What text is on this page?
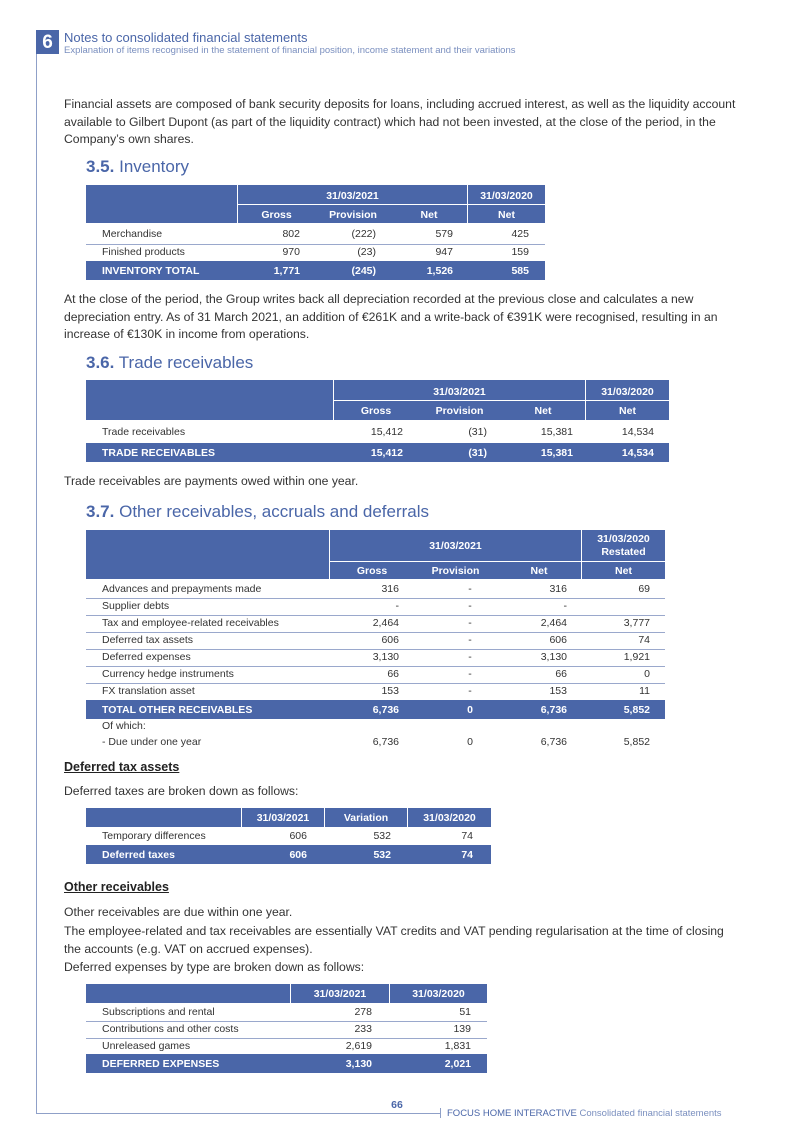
6 Notes to consolidated financial statements
Explanation of items recognised in the statement of financial position, income statement and their variations
Financial assets are composed of bank security deposits for loans, including accrued interest, as well as the liquidity account available to Gilbert Dupont (as part of the liquidity contract) which had not been invested, at the close of the period, in the Company’s own shares.
3.5. Inventory
31/03/2021	31/03/2020
Gross	Provision	Net	Net
Merchandise	802	(222)	579	425
Finished products	970	(23)	947	159
INVENTORY TOTAL	1,771	(245)	1,526	585
At the close of the period, the Group writes back all depreciation recorded at the previous close and calculates a new depreciation entry. As of 31 March 2021, an addition of €261K and a write-back of €391K were recognised, resulting in an increase of €130K in income from operations.
3.6. Trade receivables
31/03/2021	31/03/2020
Gross	Provision	Net	Net
Trade receivables	15,412	(31)	15,381	14,534
TRADE RECEIVABLES	15,412	(31)	15,381	14,534
Trade receivables are payments owed within one year.
3.7. Other receivables, accruals and deferrals
31/03/2021
31/03/2020
Restated
Gross	Provision	Net	Net
Advances and prepayments made	316	-	316	69
Supplier debts	-	-	-
Tax and employee-related receivables	2,464	-	2,464	3,777
Deferred tax assets	606	-	606	74
Deferred expenses	3,130	-	3,130	1,921
Currency hedge instruments	66	-	66	0
FX translation asset	153	-	153	11
TOTAL OTHER RECEIVABLES	6,736	0	6,736	5,852
Of which:
- Due under one year	6,736	0	6,736	5,852
Deferred tax assets
Deferred taxes are broken down as follows:
31/03/2021	Variation	31/03/2020
Temporary differences	606	532	74
Deferred taxes	606	532	74
Other receivables
Other receivables are due within one year.
The employee-related and tax receivables are essentially VAT credits and VAT pending regularisation at the time of closing the accounts (e.g. VAT on accrued expenses).
Deferred expenses by type are broken down as follows:
31/03/2021	31/03/2020
Subscriptions and rental	278	51
Contributions and other costs	233	139
Unreleased games	2,619	1,831
DEFERRED EXPENSES	3,130	2,021
66
FOCUS HOME INTERACTIVE Consolidated financial statements
